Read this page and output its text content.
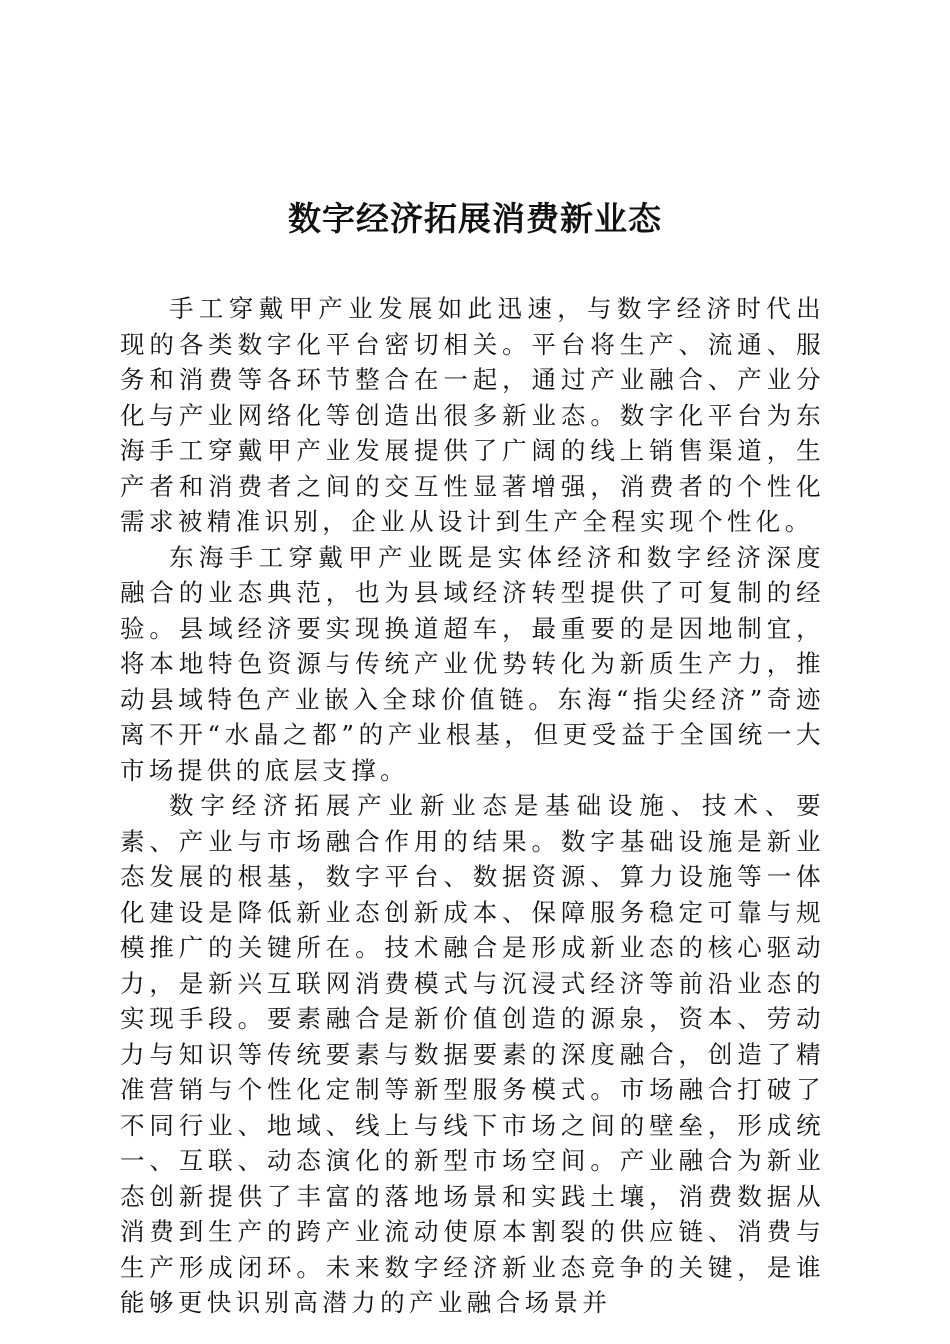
数字经济拓展消费新业态

手工穿戴甲产业发展如此迅速，与数字经济时代出现的各类数字化平台密切相关。平台将生产、流通、服务和消费等各环节整合在一起，通过产业融合、产业分化与产业网络化等创造出很多新业态。数字化平台为东海手工穿戴甲产业发展提供了广阔的线上销售渠道，生产者和消费者之间的交互性显著增强，消费者的个性化需求被精准识别，企业从设计到生产全程实现个性化。

东海手工穿戴甲产业既是实体经济和数字经济深度融合的业态典范，也为县域经济转型提供了可复制的经验。县域经济要实现换道超车，最重要的是因地制宜，将本地特色资源与传统产业优势转化为新质生产力，推动县域特色产业嵌入全球价值链。东海“指尖经济”奇迹离不开“水晶之都”的产业根基，但更受益于全国统一大市场提供的底层支撑。

数字经济拓展产业新业态是基础设施、技术、要素、产业与市场融合作用的结果。数字基础设施是新业态发展的根基，数字平台、数据资源、算力设施等一体化建设是降低新业态创新成本、保障服务稳定可靠与规模推广的关键所在。技术融合是形成新业态的核心驱动力，是新兴互联网消费模式与沉浸式经济等前沿业态的实现手段。要素融合是新价值创造的源泉，资本、劳动力与知识等传统要素与数据要素的深度融合，创造了精准营销与个性化定制等新型服务模式。市场融合打破了不同行业、地域、线上与线下市场之间的壁垒，形成统一、互联、动态演化的新型市场空间。产业融合为新业态创新提供了丰富的落地场景和实践土壤，消费数据从消费到生产的跨产业流动使原本割裂的供应链、消费与生产形成闭环。未来数字经济新业态竞争的关键，是谁能够更快识别高潜力的产业融合场景并
